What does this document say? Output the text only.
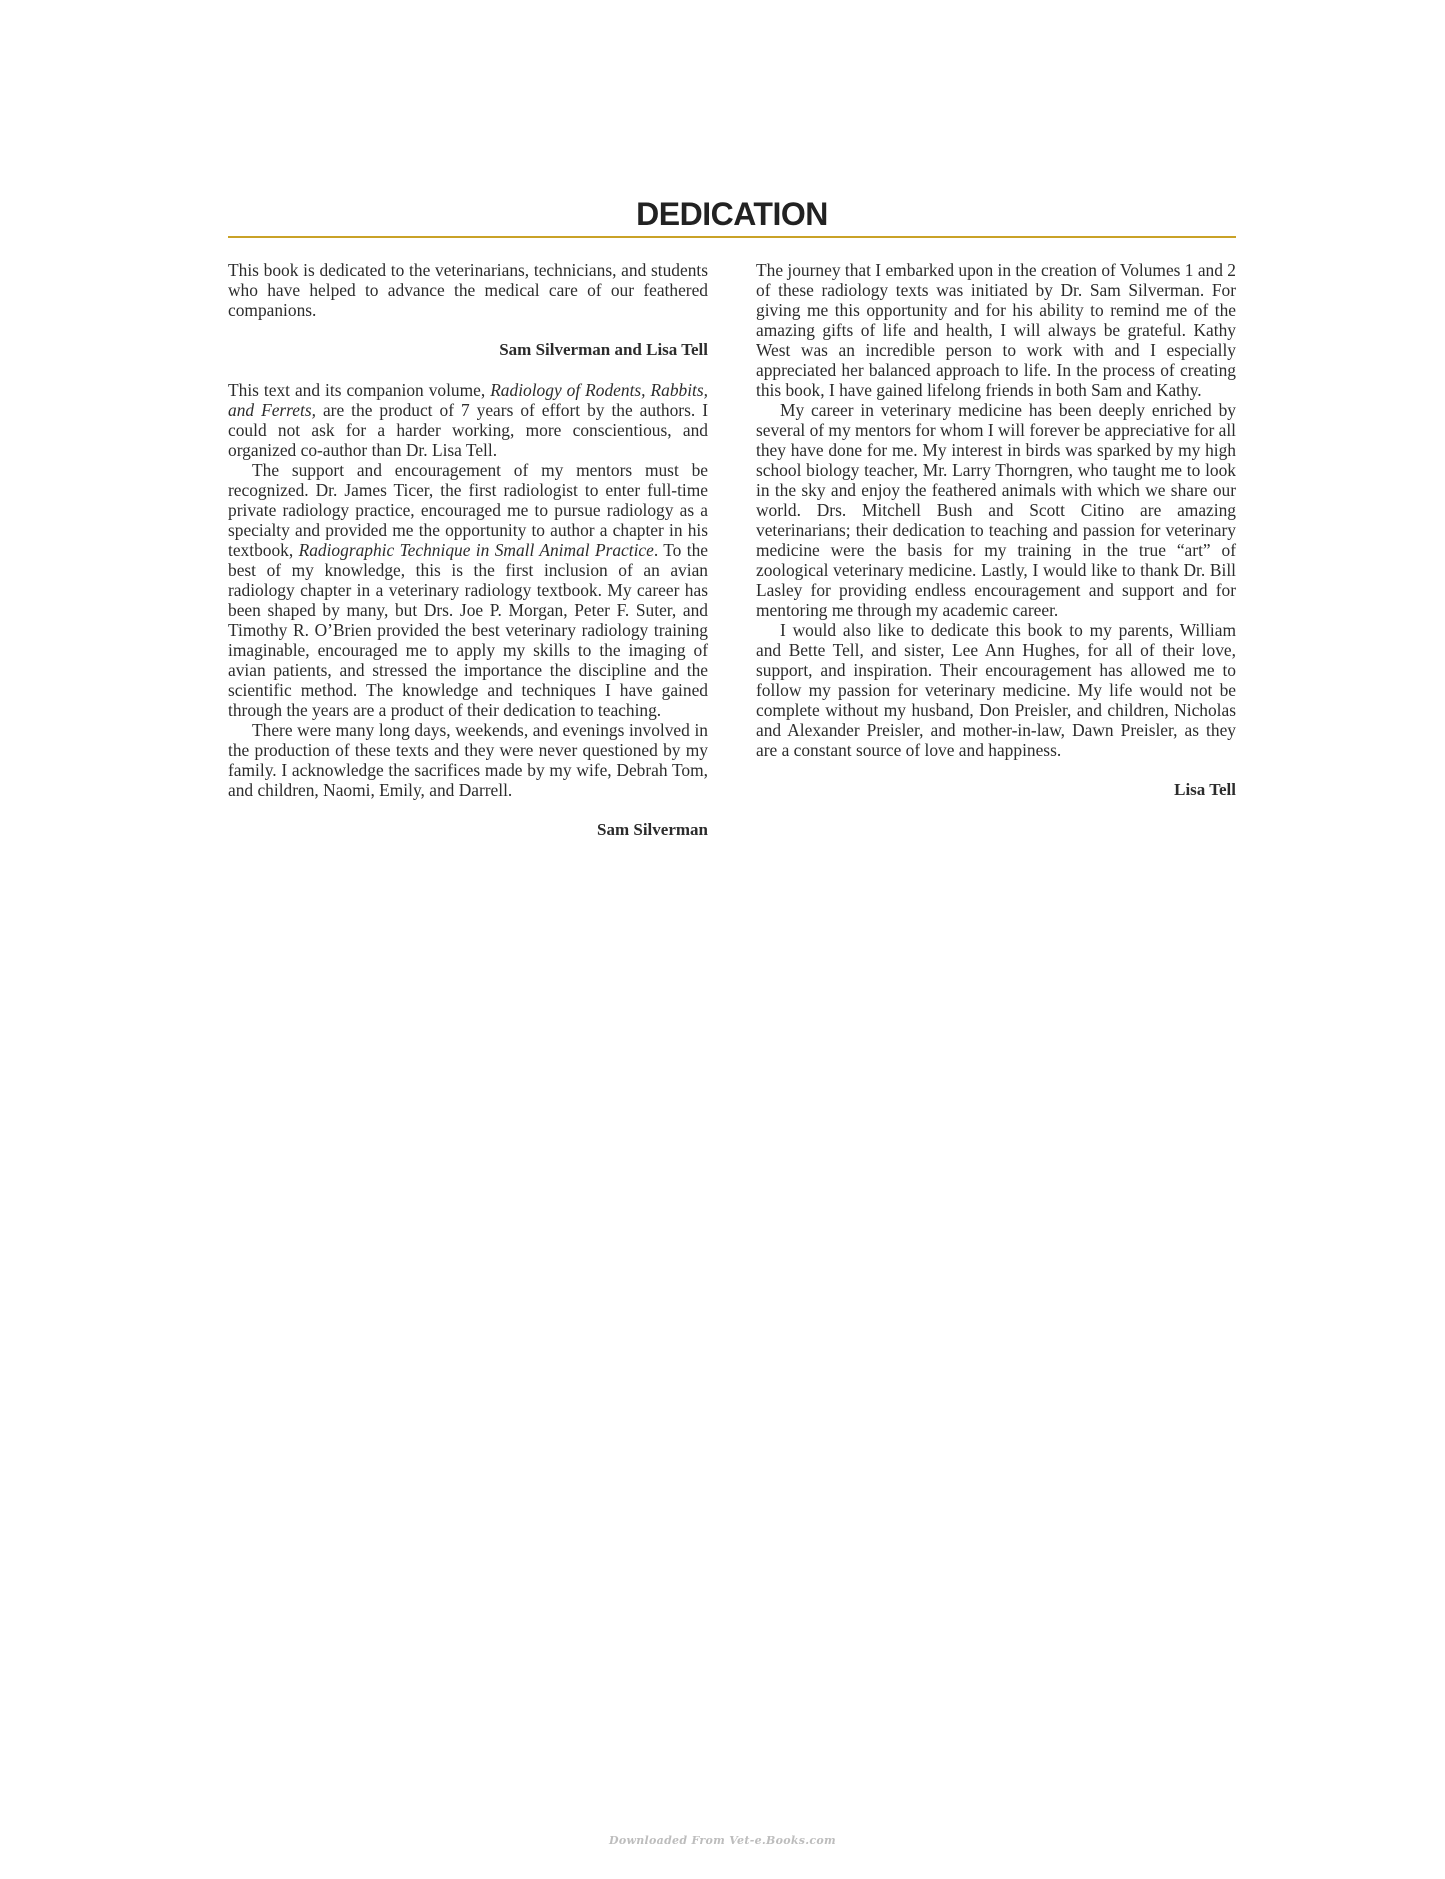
DEDICATION

This book is dedicated to the veterinarians, technicians, and students who have helped to advance the medical care of our feathered companions.

Sam Silverman and Lisa Tell

This text and its companion volume, Radiology of Rodents, Rabbits, and Ferrets, are the product of 7 years of effort by the authors. I could not ask for a harder working, more conscientious, and organized co-author than Dr. Lisa Tell.

The support and encouragement of my mentors must be recognized. Dr. James Ticer, the first radiologist to enter full-time private radiology practice, encouraged me to pursue radiology as a specialty and provided me the opportunity to author a chapter in his textbook, Radiographic Technique in Small Animal Practice. To the best of my knowledge, this is the first inclusion of an avian radiology chapter in a veterinary radiology textbook. My career has been shaped by many, but Drs. Joe P. Morgan, Peter F. Suter, and Timothy R. O’Brien provided the best veterinary radiology training imaginable, encouraged me to apply my skills to the imaging of avian patients, and stressed the importance the discipline and the scientific method. The knowledge and techniques I have gained through the years are a product of their dedication to teaching.

There were many long days, weekends, and evenings involved in the production of these texts and they were never questioned by my family. I acknowledge the sacrifices made by my wife, Debrah Tom, and children, Naomi, Emily, and Darrell.

Sam Silverman

The journey that I embarked upon in the creation of Volumes 1 and 2 of these radiology texts was initiated by Dr. Sam Silverman. For giving me this opportunity and for his ability to remind me of the amazing gifts of life and health, I will always be grateful. Kathy West was an incredible person to work with and I especially appreciated her balanced approach to life. In the process of creating this book, I have gained lifelong friends in both Sam and Kathy.

My career in veterinary medicine has been deeply enriched by several of my mentors for whom I will forever be appreciative for all they have done for me. My interest in birds was sparked by my high school biology teacher, Mr. Larry Thorngren, who taught me to look in the sky and enjoy the feathered animals with which we share our world. Drs. Mitchell Bush and Scott Citino are amazing veterinarians; their dedication to teaching and passion for veterinary medicine were the basis for my training in the true “art” of zoological veterinary medicine. Lastly, I would like to thank Dr. Bill Lasley for providing endless encouragement and support and for mentoring me through my academic career.

I would also like to dedicate this book to my parents, William and Bette Tell, and sister, Lee Ann Hughes, for all of their love, support, and inspiration. Their encouragement has allowed me to follow my passion for veterinary medicine. My life would not be complete without my husband, Don Preisler, and children, Nicholas and Alexander Preisler, and mother-in-law, Dawn Preisler, as they are a constant source of love and happiness.

Lisa Tell

Downloaded From Vet-e.Books.com
